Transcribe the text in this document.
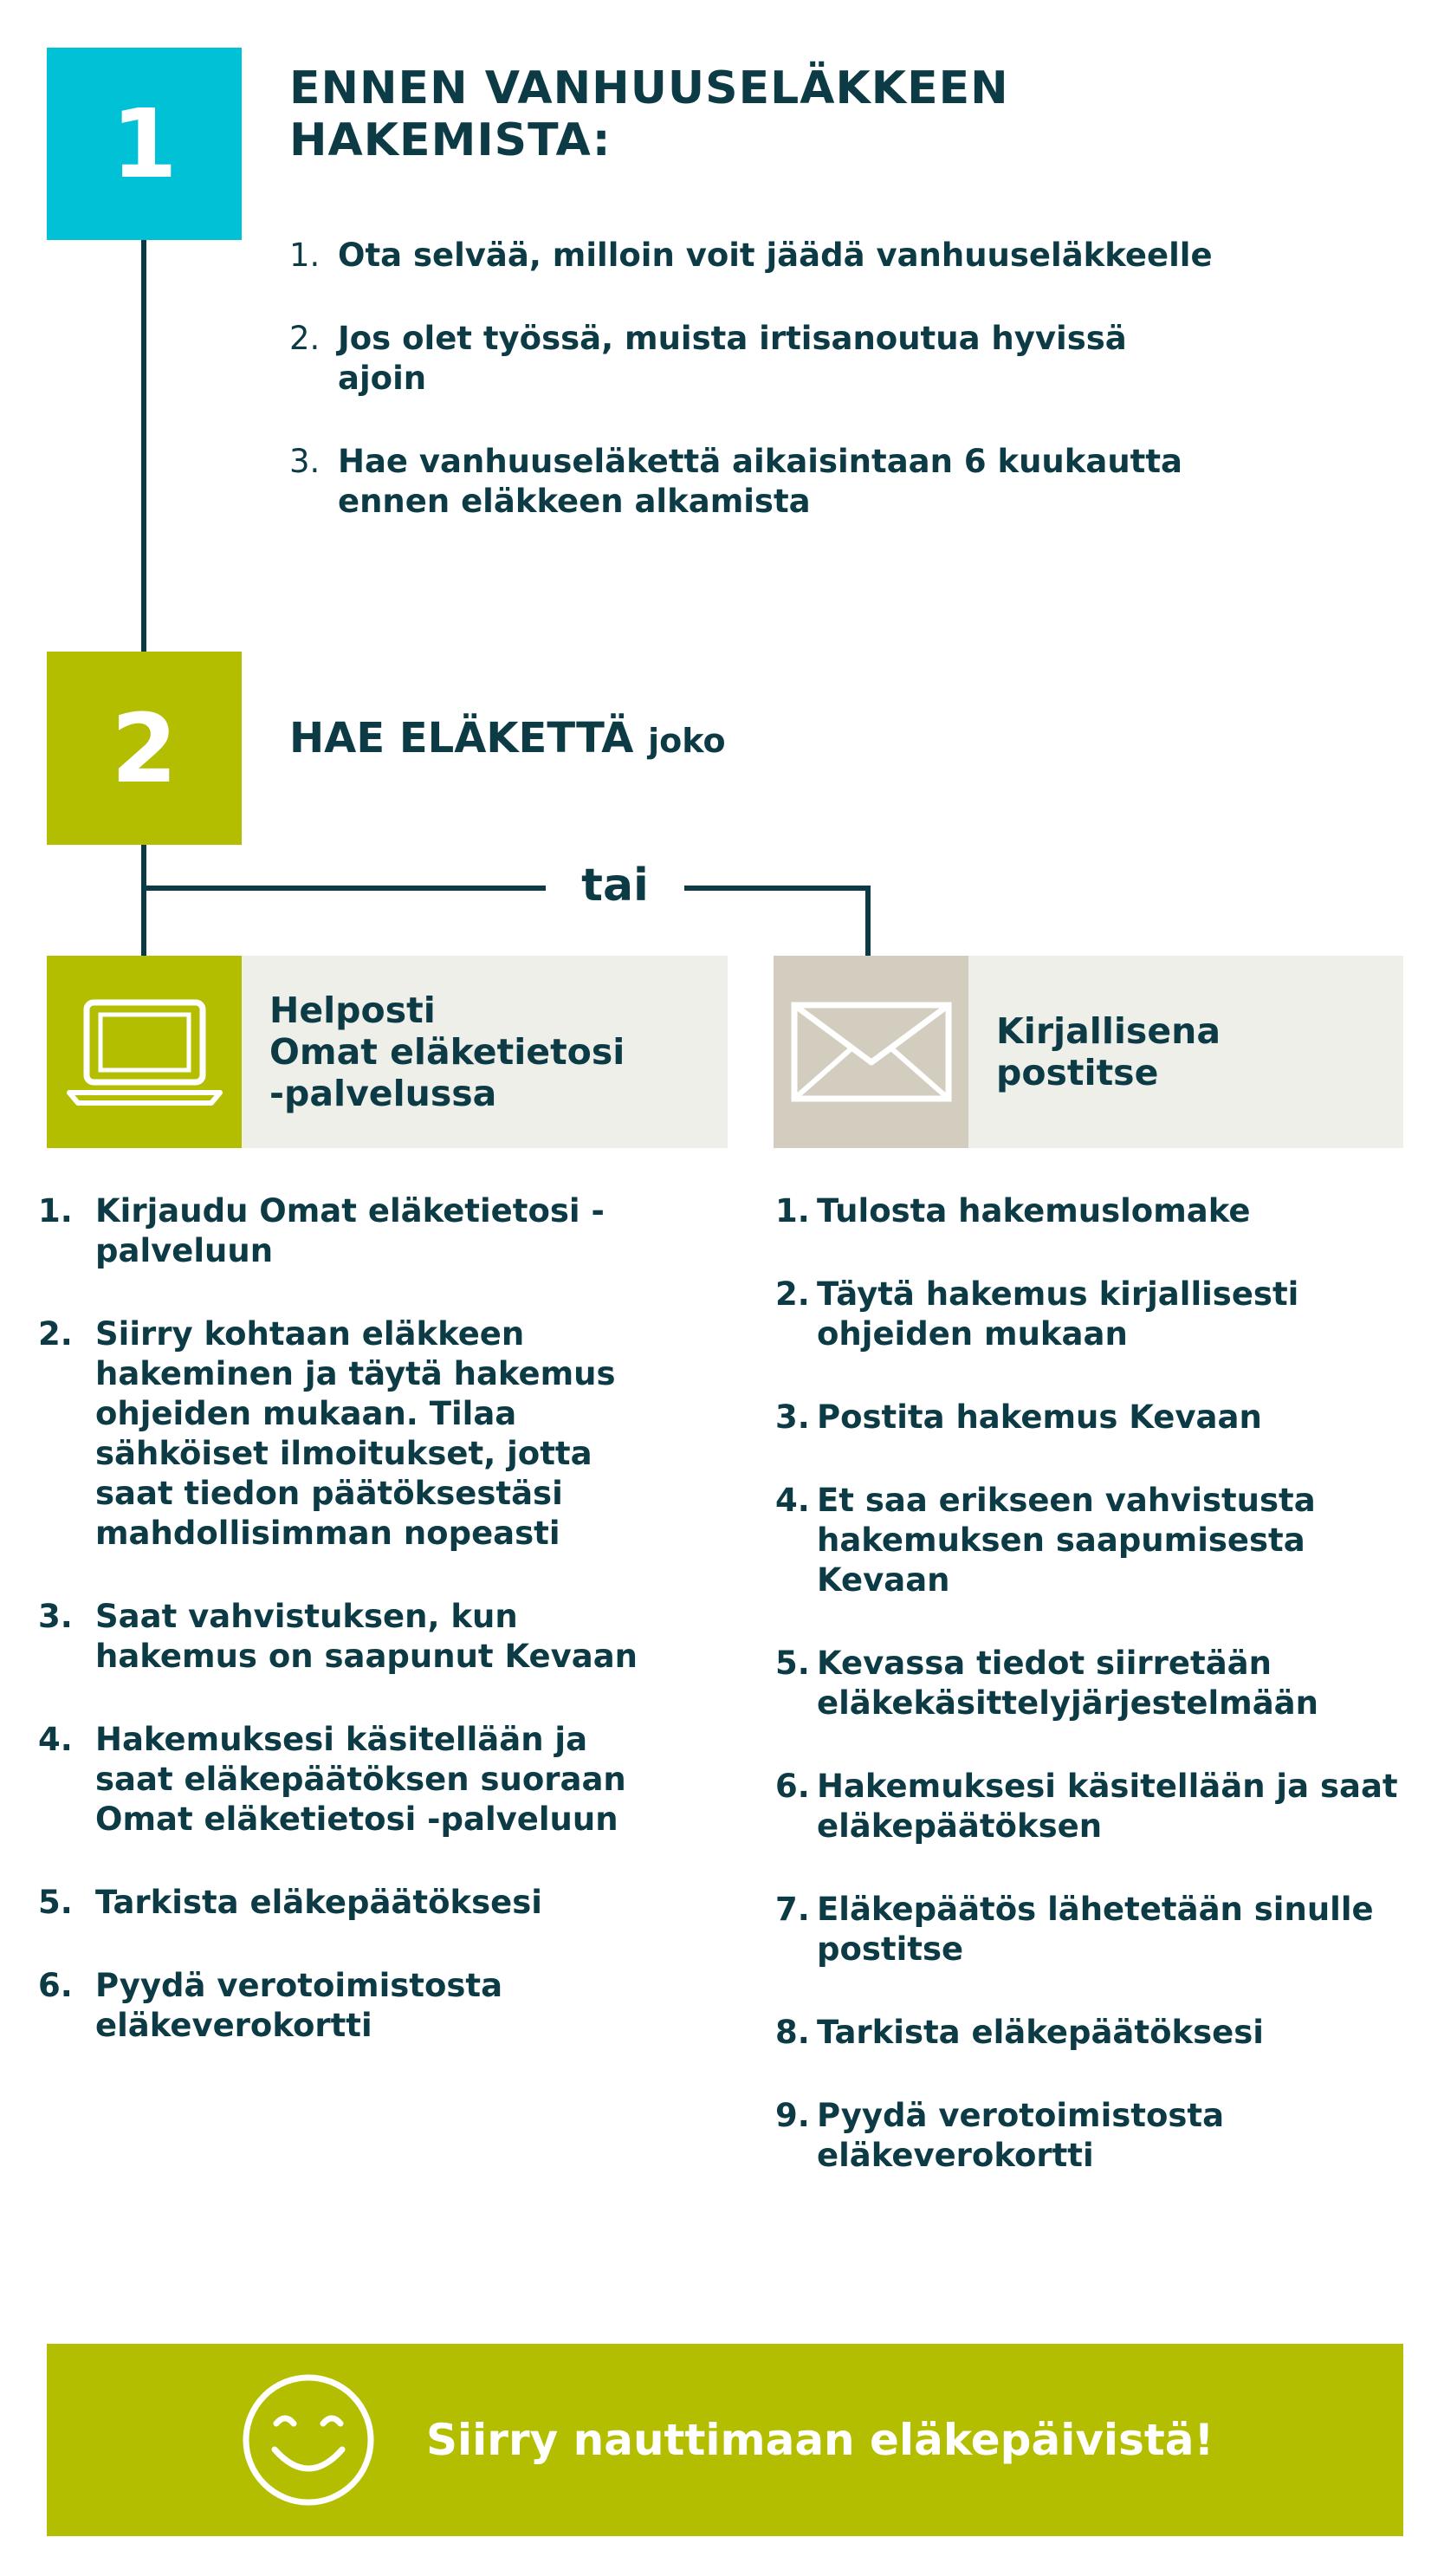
1 ENNEN VANHUUSELÄKKEEN HAKEMISTA:
1. Ota selvää, milloin voit jäädä vanhuuseläkkeelle
2. Jos olet työssä, muista irtisanoutua hyvissä ajoin
3. Hae vanhuuseläkettä aikaisintaan 6 kuukautta ennen eläkkeen alkamista
2	HAE ELÄKETTÄ joko
tai
Helposti
Omat eläketietosi
-palvelussa
1. Kirjaudu Omat eläketietosi -palveluun
2. Siirry kohtaan eläkkeen hakeminen ja täytä hakemus ohjeiden mukaan. Tilaa sähköiset ilmoitukset, jotta saat tiedon päätöksestäsi mahdollisimman nopeasti
3. Saat vahvistuksen, kun hakemus on saapunut Kevaan
4. Hakemuksesi käsitellään ja saat eläkepäätöksen suoraan Omat eläketietosi -palveluun
5. Tarkista eläkepäätöksesi
6. Pyydä verotoimistosta eläkeverokortti
Kirjallisena
postitse
1. Tulosta hakemuslomake
2. Täytä hakemus kirjallisesti ohjeiden mukaan
3. Postita hakemus Kevaan
4. Et saa erikseen vahvistusta hakemuksen saapumisesta Kevaan
5. Kevassa tiedot siirretään eläkekäsittelyjärjestelmään
6. Hakemuksesi käsitellään ja saat eläkepäätöksen
7. Eläkepäätös lähetetään sinulle postitse
8. Tarkista eläkepäätöksesi
9. Pyydä verotoimistosta eläkeverokortti
Siirry nauttimaan eläkepäivistä!
